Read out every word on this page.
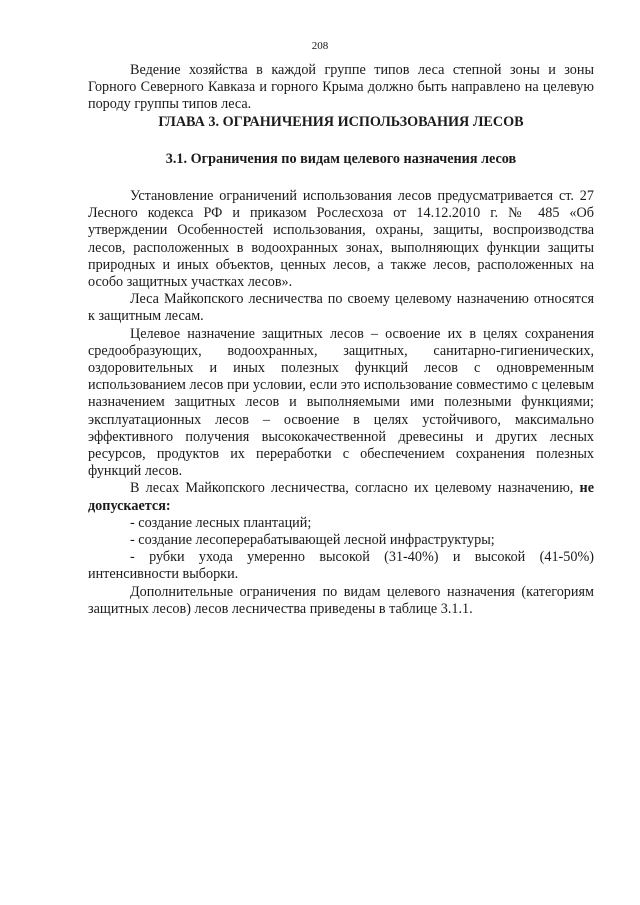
208

Ведение хозяйства в каждой группе типов леса степной зоны и зоны Горного Северного Кавказа и горного Крыма должно быть направлено на целевую породу группы типов леса.

ГЛАВА 3. ОГРАНИЧЕНИЯ ИСПОЛЬЗОВАНИЯ ЛЕСОВ
3.1. Ограничения по видам целевого назначения лесов

Установление ограничений использования лесов предусматривается ст. 27 Лесного кодекса РФ и приказом Рослесхоза от 14.12.2010 г. № 485 «Об утверждении Особенностей использования, охраны, защиты, воспроизводства лесов, расположенных в водоохранных зонах, выполняющих функции защиты природных и иных объектов, ценных лесов, а также лесов, расположенных на особо защитных участках лесов».

Леса Майкопского лесничества по своему целевому назначению относятся к защитным лесам.

Целевое назначение защитных лесов – освоение их в целях сохранения средообразующих, водоохранных, защитных, санитарно-гигиенических, оздоровительных и иных полезных функций лесов с одновременным использованием лесов при условии, если это использование совместимо с целевым назначением защитных лесов и выполняемыми ими полезными функциями; эксплуатационных лесов – освоение в целях устойчивого, максимально эффективного получения высококачественной древесины и других лесных ресурсов, продуктов их переработки с обеспечением сохранения полезных функций лесов.

В лесах Майкопского лесничества, согласно их целевому назначению, не допускается:

- создание лесных плантаций;

- создание лесоперерабатывающей лесной инфраструктуры;

- рубки ухода умеренно высокой (31-40%) и высокой (41-50%) интенсивности выборки.

Дополнительные ограничения по видам целевого назначения (категориям защитных лесов) лесов лесничества приведены в таблице 3.1.1.
